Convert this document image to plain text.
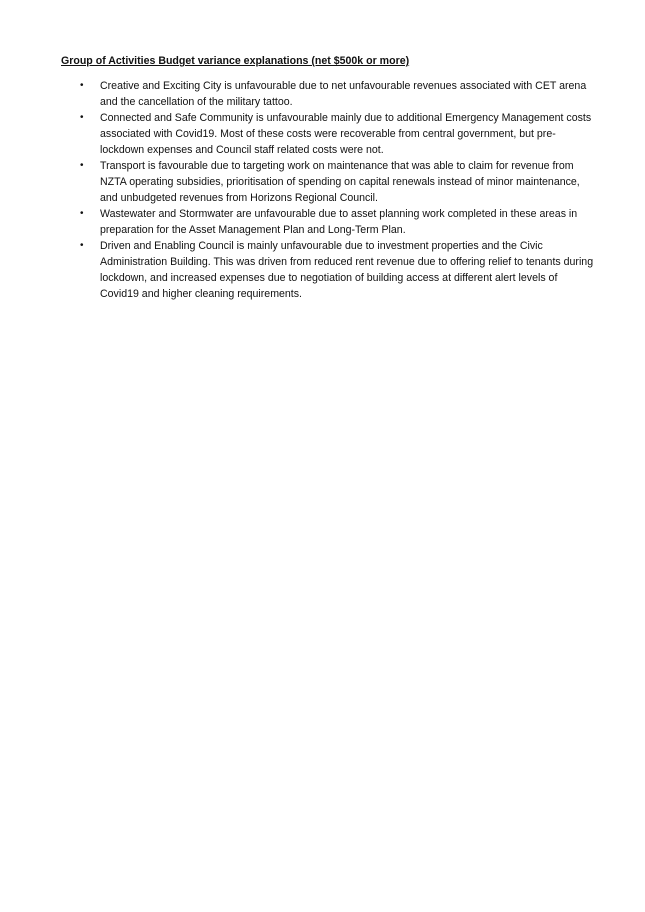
Group of Activities Budget variance explanations (net $500k or more)
•	Creative and Exciting City is unfavourable due to net unfavourable revenues associated with CET arena and the cancellation of the military tattoo.
•	Connected and Safe Community is unfavourable mainly due to additional Emergency Management costs associated with Covid19. Most of these costs were recoverable from central government, but pre-lockdown expenses and Council staff related costs were not.
•	Transport is favourable due to targeting work on maintenance that was able to claim for revenue from NZTA operating subsidies, prioritisation of spending on capital renewals instead of minor maintenance, and unbudgeted revenues from Horizons Regional Council.
•	Wastewater and Stormwater are unfavourable due to asset planning work completed in these areas in preparation for the Asset Management Plan and Long-Term Plan.
•	Driven and Enabling Council is mainly unfavourable due to investment properties and the Civic Administration Building. This was driven from reduced rent revenue due to offering relief to tenants during lockdown, and increased expenses due to negotiation of building access at different alert levels of Covid19 and higher cleaning requirements.
